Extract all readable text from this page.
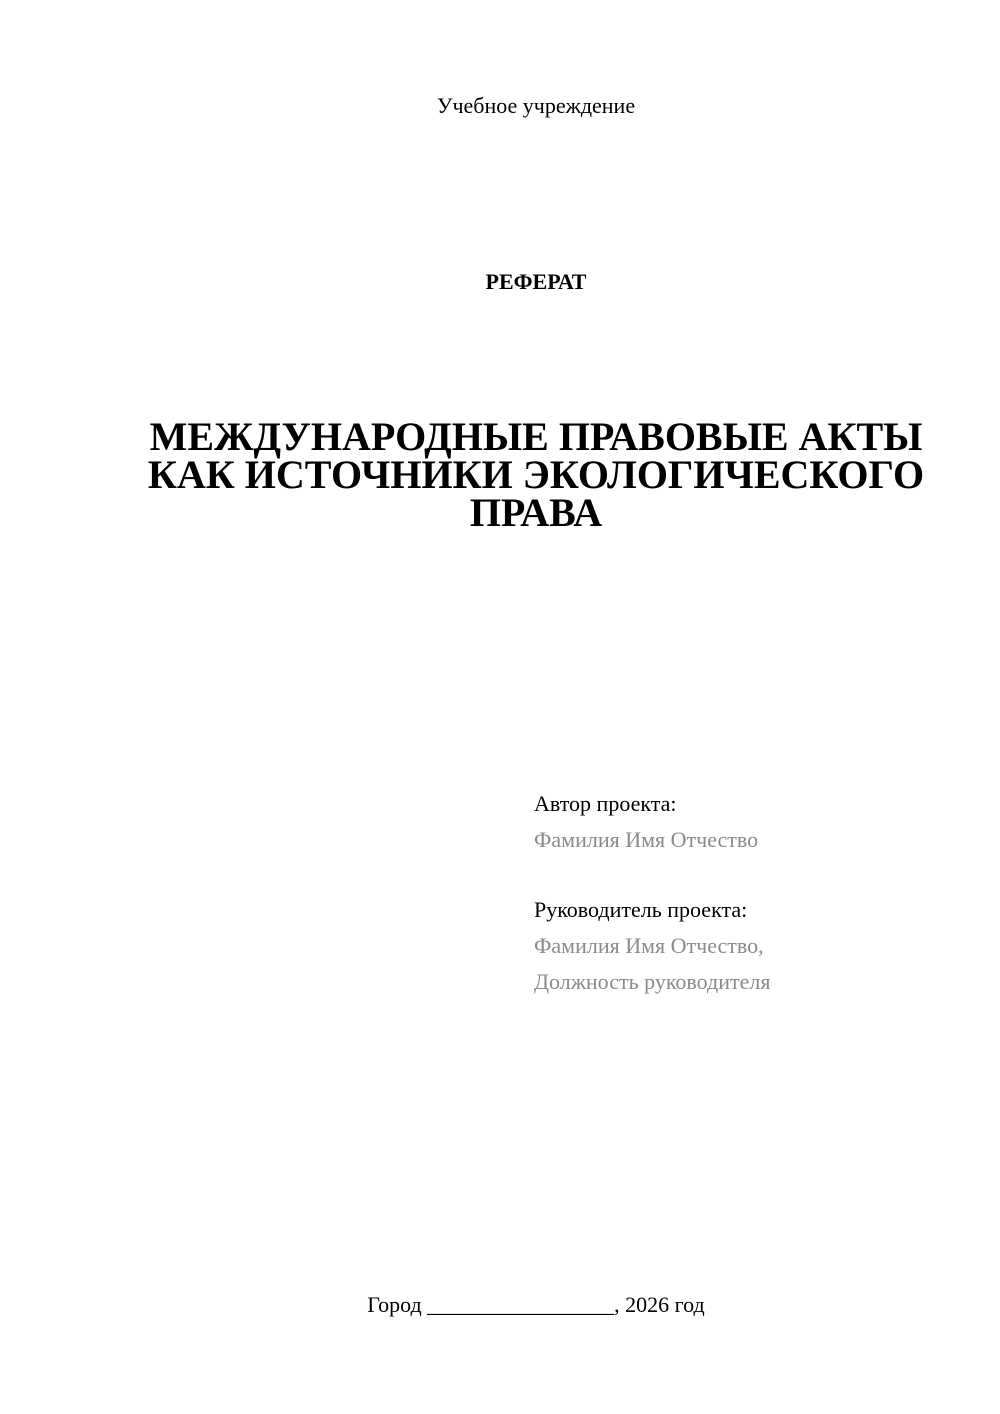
Учебное учреждение
РЕФЕРАТ
МЕЖДУНАРОДНЫЕ ПРАВОВЫЕ АКТЫ
КАК ИСТОЧНИКИ ЭКОЛОГИЧЕСКОГО
ПРАВА
Автор проекта:
Фамилия Имя Отчество
Руководитель проекта:
Фамилия Имя Отчество,
Должность руководителя
Город _________________, 2026 год
